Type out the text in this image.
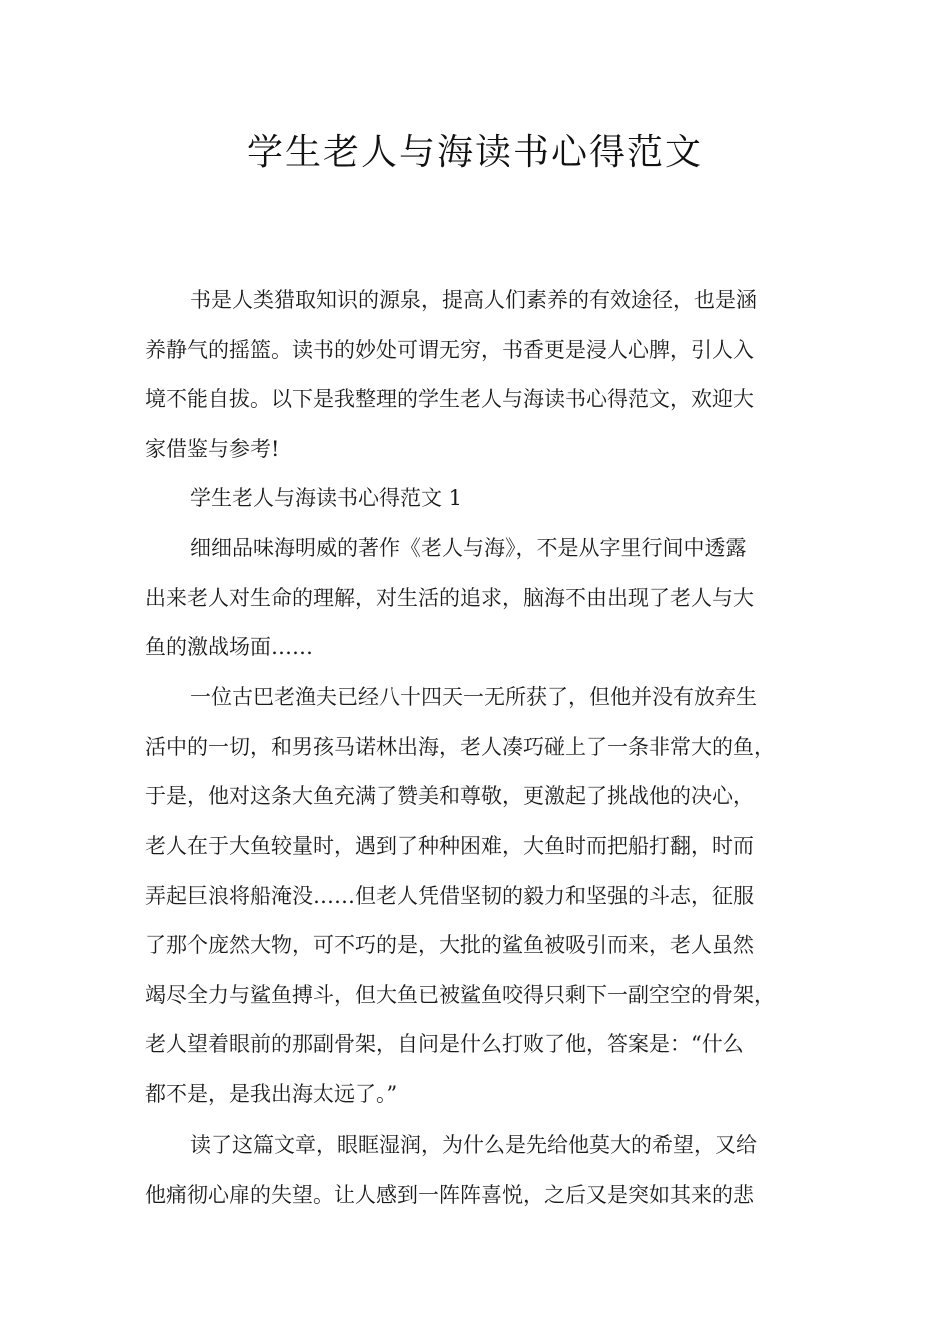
学生老人与海读书心得范文
书是人类猎取知识的源泉，提高人们素养的有效途径，也是涵
养静气的摇篮。读书的妙处可谓无穷，书香更是浸人心脾，引人入
境不能自拔。以下是我整理的学生老人与海读书心得范文，欢迎大
家借鉴与参考!
学生老人与海读书心得范文 1
细细品味海明威的著作《老人与海》，不是从字里行间中透露
出来老人对生命的理解，对生活的追求，脑海不由出现了老人与大
鱼的激战场面……
一位古巴老渔夫已经八十四天一无所获了，但他并没有放弃生
活中的一切，和男孩马诺林出海，老人凑巧碰上了一条非常大的鱼，
于是，他对这条大鱼充满了赞美和尊敬，更激起了挑战他的决心，
老人在于大鱼较量时，遇到了种种困难，大鱼时而把船打翻，时而
弄起巨浪将船淹没……但老人凭借坚韧的毅力和坚强的斗志，征服
了那个庞然大物，可不巧的是，大批的鲨鱼被吸引而来，老人虽然
竭尽全力与鲨鱼搏斗，但大鱼已被鲨鱼咬得只剩下一副空空的骨架，
老人望着眼前的那副骨架，自问是什么打败了他，答案是：“什么
都不是，是我出海太远了。”
读了这篇文章，眼眶湿润，为什么是先给他莫大的希望，又给
他痛彻心扉的失望。让人感到一阵阵喜悦，之后又是突如其来的悲
